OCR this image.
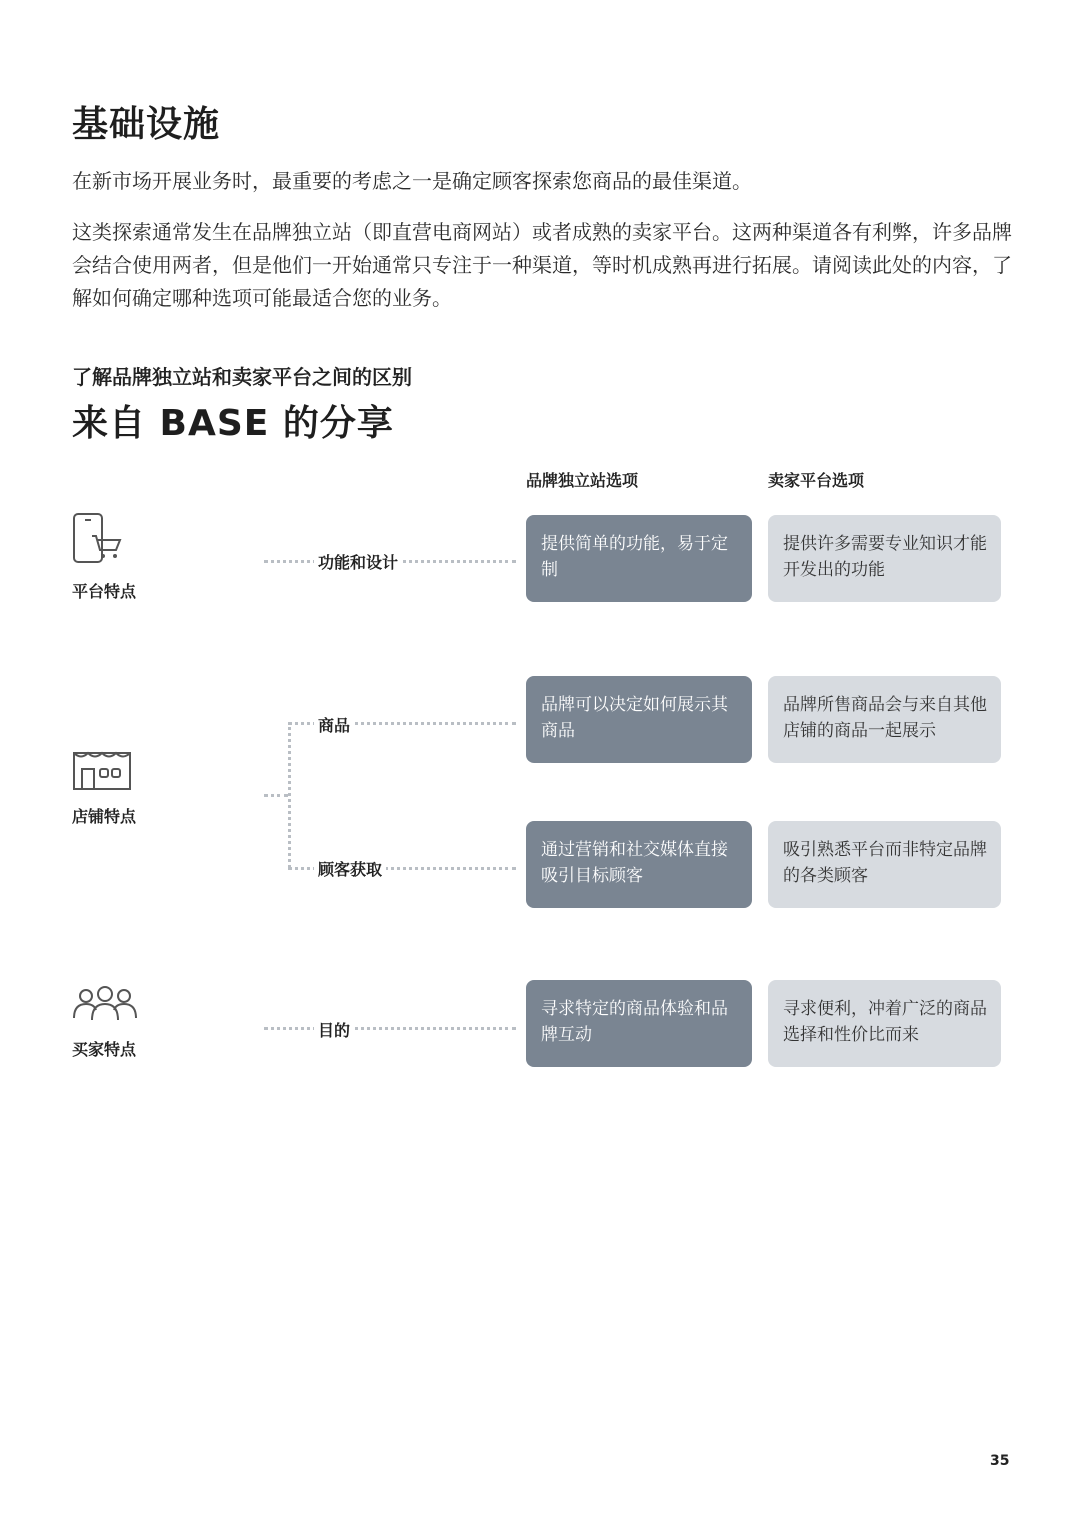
基础设施
在新市场开展业务时，最重要的考虑之一是确定顾客探索您商品的最佳渠道。
这类探索通常发生在品牌独立站（即直营电商网站）或者成熟的卖家平台。这两种渠道各有利弊，许多品牌会结合使用两者，但是他们一开始通常只专注于一种渠道，等时机成熟再进行拓展。请阅读此处的内容，了解如何确定哪种选项可能最适合您的业务。
了解品牌独立站和卖家平台之间的区别
来自 BASE 的分享
品牌独立站选项	卖家平台选项
平台特点
店铺特点
买家特点
功能和设计
商品
顾客获取
目的
提供简单的功能，易于定制
提供许多需要专业知识才能开发出的功能
品牌可以决定如何展示其商品
品牌所售商品会与来自其他店铺的商品一起展示
通过营销和社交媒体直接吸引目标顾客
吸引熟悉平台而非特定品牌的各类顾客
寻求特定的商品体验和品牌互动
寻求便利，冲着广泛的商品选择和性价比而来
35
